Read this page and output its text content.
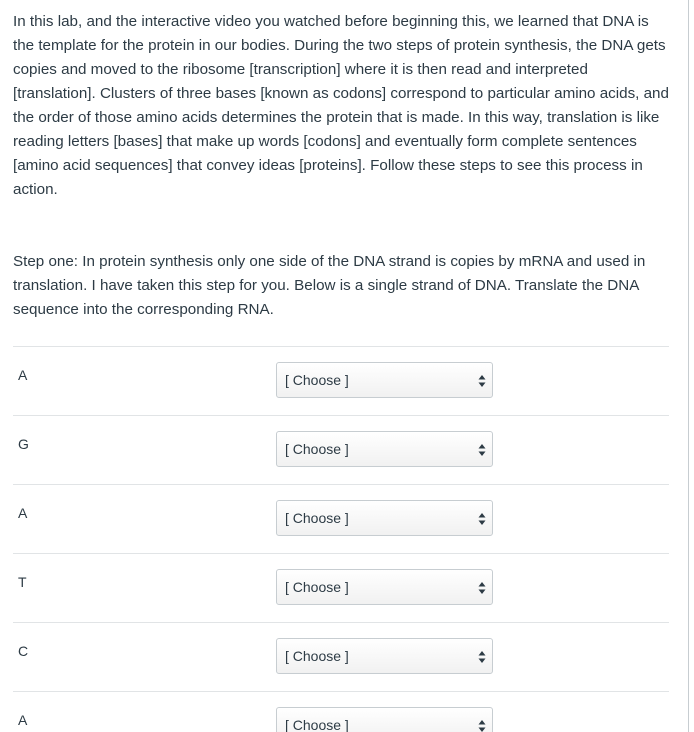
In this lab, and the interactive video you watched before beginning this, we learned that DNA is the template for the protein in our bodies. During the two steps of protein synthesis, the DNA gets copies and moved to the ribosome [transcription] where it is then read and interpreted [translation]. Clusters of three bases [known as codons] correspond to particular amino acids, and the order of those amino acids determines the protein that is made. In this way, translation is like reading letters [bases] that make up words [codons] and eventually form complete sentences [amino acid sequences] that convey ideas [proteins]. Follow these steps to see this process in action.

Step one: In protein synthesis only one side of the DNA strand is copies by mRNA and used in translation. I have taken this step for you. Below is a single strand of DNA. Translate the DNA sequence into the corresponding RNA.

A	[ Choose ]
G	[ Choose ]
A	[ Choose ]
T	[ Choose ]
C	[ Choose ]
A	[ Choose ]
